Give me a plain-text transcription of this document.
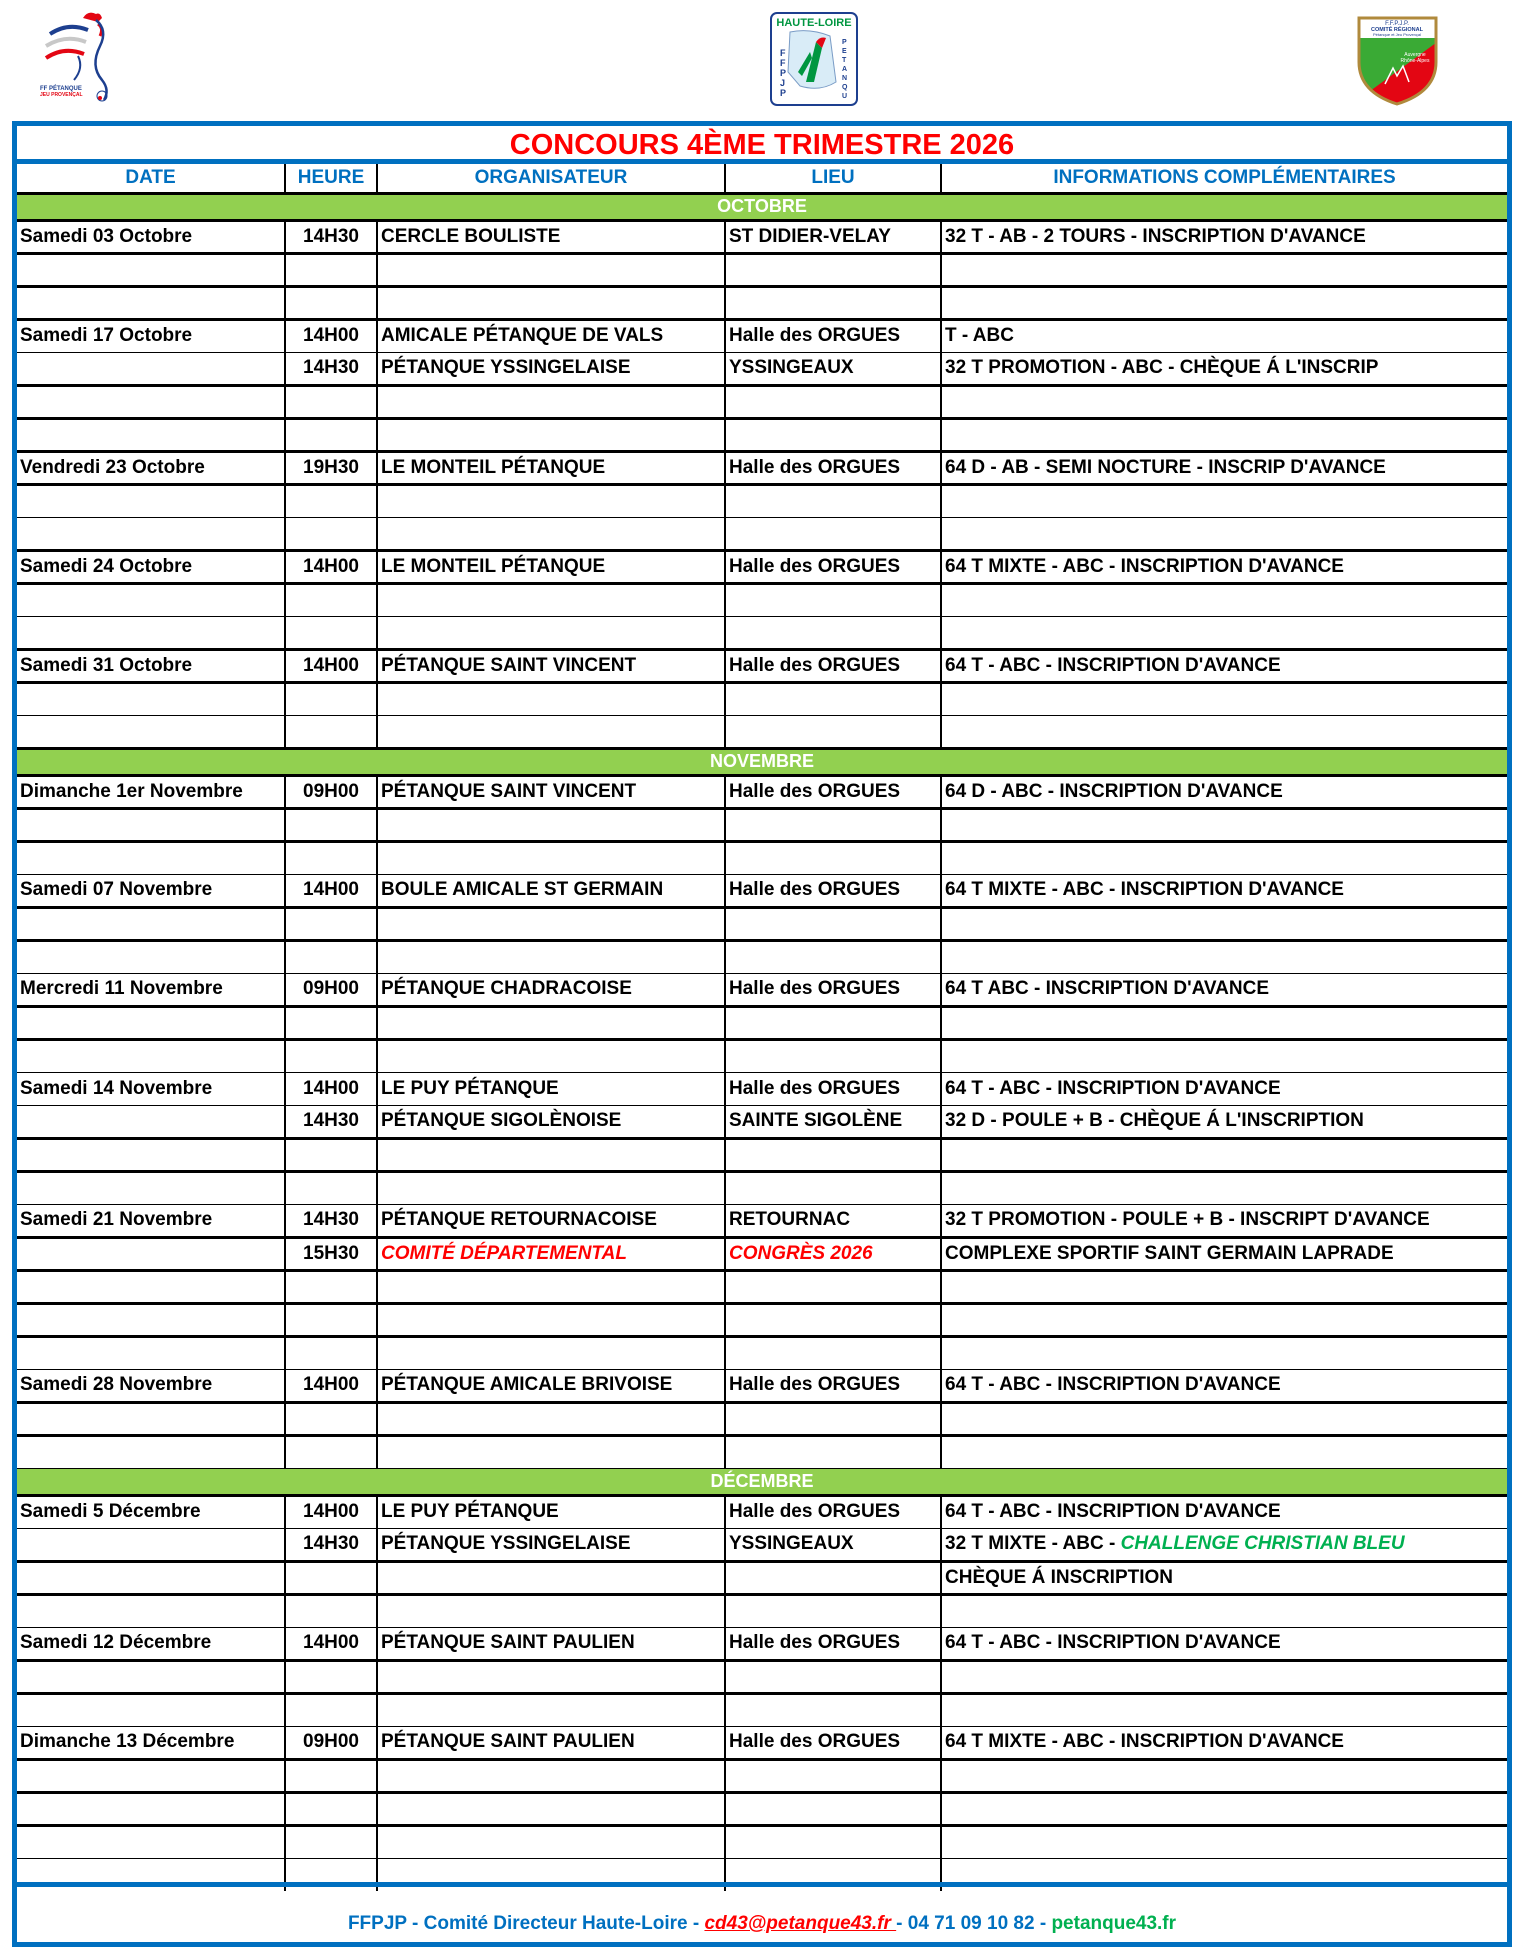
FF PÉTANQUE
JEU PROVENÇAL
HAUTE-LOIRE
F
F
P
J
P
P
E
T
A
N
Q
U
F.F.P.J.P.
COMITÉ RÉGIONAL
Pétanque et Jeu Provençal
Auvergne
Rhône-Alpes
CONCOURS 4ÈME TRIMESTRE 2026
DATE	HEURE	ORGANISATEUR	LIEU	INFORMATIONS COMPLÉMENTAIRES
OCTOBRE				
Samedi 03 Octobre	14H30	CERCLE BOULISTE	ST DIDIER-VELAY	32 T - AB - 2 TOURS - INSCRIPTION D'AVANCE

Samedi 17 Octobre	14H00	AMICALE PÉTANQUE DE VALS	Halle des ORGUES	T - ABC
	14H30	PÉTANQUE YSSINGELAISE	YSSINGEAUX	32 T PROMOTION - ABC - CHÈQUE Á L'INSCRIP

Vendredi 23 Octobre	19H30	LE MONTEIL PÉTANQUE	Halle des ORGUES	64 D - AB - SEMI NOCTURE - INSCRIP D'AVANCE

Samedi 24 Octobre	14H00	LE MONTEIL PÉTANQUE	Halle des ORGUES	64 T MIXTE - ABC - INSCRIPTION D'AVANCE

Samedi 31 Octobre	14H00	PÉTANQUE SAINT VINCENT	Halle des ORGUES	64 T - ABC - INSCRIPTION D'AVANCE

NOVEMBRE				
Dimanche 1er Novembre	09H00	PÉTANQUE SAINT VINCENT	Halle des ORGUES	64 D - ABC - INSCRIPTION D'AVANCE

Samedi 07 Novembre	14H00	BOULE AMICALE ST GERMAIN	Halle des ORGUES	64 T MIXTE - ABC - INSCRIPTION D'AVANCE

Mercredi 11 Novembre	09H00	PÉTANQUE CHADRACOISE	Halle des ORGUES	64 T ABC - INSCRIPTION D'AVANCE

Samedi 14 Novembre	14H00	LE PUY PÉTANQUE	Halle des ORGUES	64 T - ABC - INSCRIPTION D'AVANCE
	14H30	PÉTANQUE SIGOLÈNOISE	SAINTE SIGOLÈNE	32 D - POULE + B - CHÈQUE Á L'INSCRIPTION

Samedi 21 Novembre	14H30	PÉTANQUE RETOURNACOISE	RETOURNAC	32 T PROMOTION - POULE + B - INSCRIPT D'AVANCE
	15H30	COMITÉ DÉPARTEMENTAL	CONGRÈS 2026	COMPLEXE SPORTIF SAINT GERMAIN LAPRADE

Samedi 28 Novembre	14H00	PÉTANQUE AMICALE BRIVOISE	Halle des ORGUES	64 T - ABC - INSCRIPTION D'AVANCE

DÉCEMBRE				
Samedi 5 Décembre	14H00	LE PUY PÉTANQUE	Halle des ORGUES	64 T - ABC - INSCRIPTION D'AVANCE
	14H30	PÉTANQUE YSSINGELAISE	YSSINGEAUX	32 T MIXTE - ABC - CHALLENGE CHRISTIAN BLEU
				CHÈQUE Á INSCRIPTION

Samedi 12 Décembre	14H00	PÉTANQUE SAINT PAULIEN	Halle des ORGUES	64 T - ABC - INSCRIPTION D'AVANCE

Dimanche 13 Décembre	09H00	PÉTANQUE SAINT PAULIEN	Halle des ORGUES	64 T MIXTE - ABC - INSCRIPTION D'AVANCE

FFPJP - Comité Directeur Haute-Loire - cd43@petanque43.fr - 04 71 09 10 82 - petanque43.fr
